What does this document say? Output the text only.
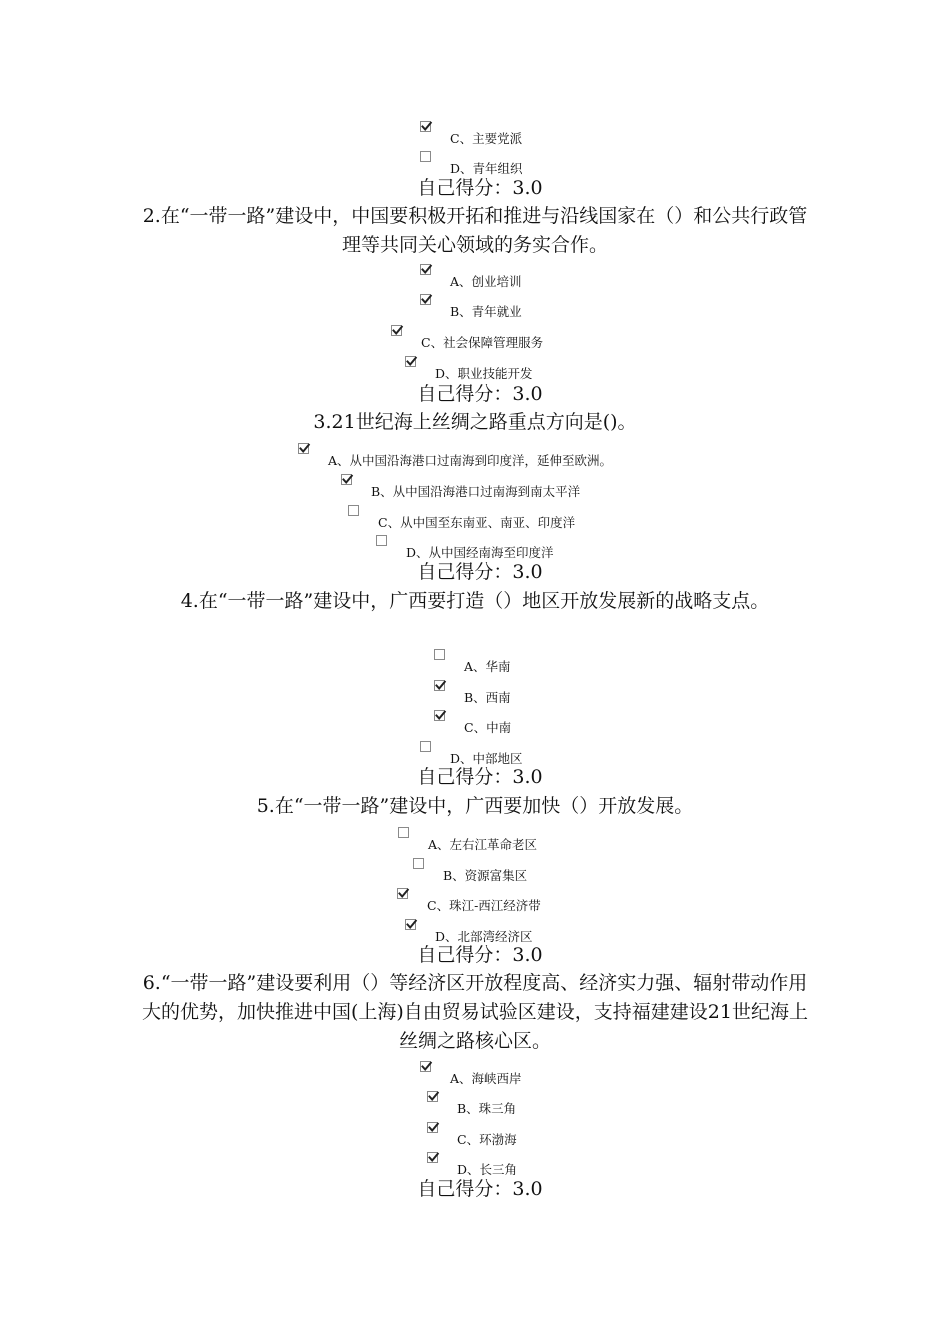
C、主要党派
D、青年组织
自己得分：3.0
2.在“一带一路”建设中，中国要积极开拓和推进与沿线国家在（）和公共行政管理等共同关心领域的务实合作。
A、创业培训
B、青年就业
C、社会保障管理服务
D、职业技能开发
自己得分：3.0
3.21世纪海上丝绸之路重点方向是()。
A、从中国沿海港口过南海到印度洋，延伸至欧洲。
B、从中国沿海港口过南海到南太平洋
C、从中国至东南亚、南亚、印度洋
D、从中国经南海至印度洋
自己得分：3.0
4.在“一带一路”建设中，广西要打造（）地区开放发展新的战略支点。
A、华南
B、西南
C、中南
D、中部地区
自己得分：3.0
5.在“一带一路”建设中，广西要加快（）开放发展。
A、左右江革命老区
B、资源富集区
C、珠江-西江经济带
D、北部湾经济区
自己得分：3.0
6.“一带一路”建设要利用（）等经济区开放程度高、经济实力强、辐射带动作用大的优势，加快推进中国(上海)自由贸易试验区建设，支持福建建设21世纪海上丝绸之路核心区。
A、海峡西岸
B、珠三角
C、环渤海
D、长三角
自己得分：3.0
